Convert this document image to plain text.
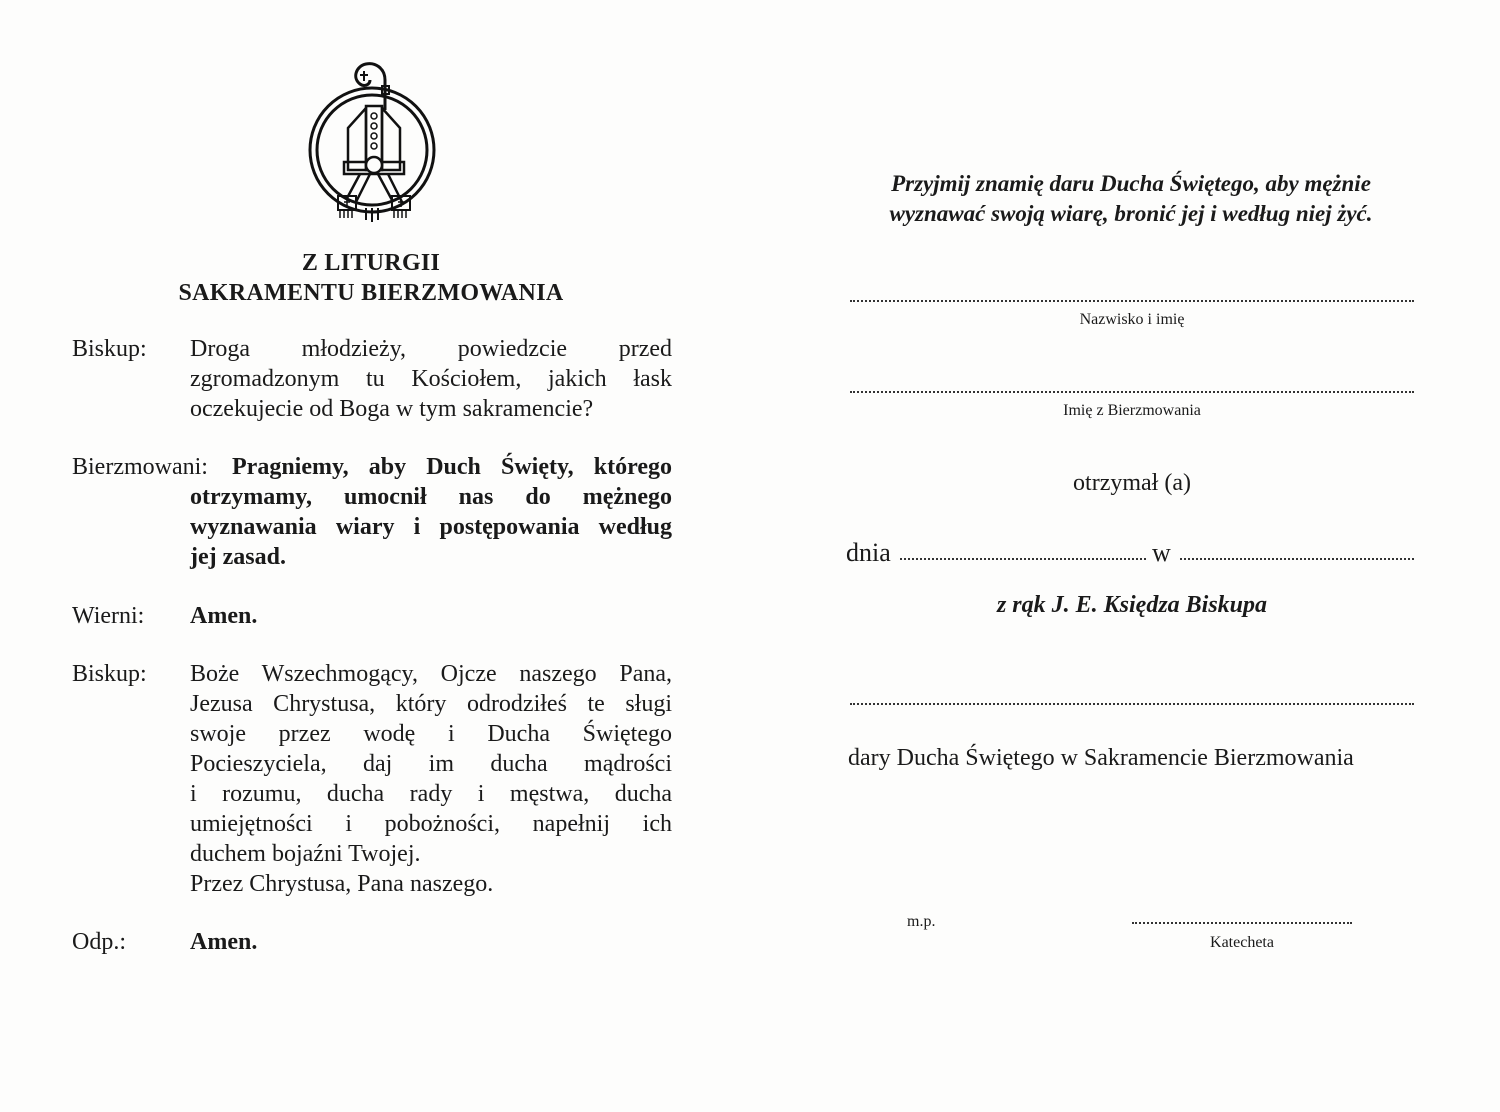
Z LITURGII
SAKRAMENTU BIERZMOWANIA
Biskup: Droga młodzieży, powiedzcie przed
zgromadzonym tu Kościołem, jakich łask
oczekujecie od Boga w tym sakramencie?
Bierzmowani: Pragniemy, aby Duch Święty, którego
otrzymamy, umocnił nas do mężnego
wyznawania wiary i postępowania według
jej zasad.
Wierni: Amen.
Biskup: Boże Wszechmogący, Ojcze naszego Pana,
Jezusa Chrystusa, który odrodziłeś te sługi
swoje przez wodę i Ducha Świętego
Pocieszyciela, daj im ducha mądrości
i rozumu, ducha rady i męstwa, ducha
umiejętności i pobożności, napełnij ich
duchem bojaźni Twojej.
Przez Chrystusa, Pana naszego.
Odp.:	Amen.
Przyjmij znamię daru Ducha Świętego, aby mężnie
wyznawać swoją wiarę, bronić jej i według niej żyć.
Nazwisko i imię
Imię z Bierzmowania
otrzymał (a)
dnia	w
z rąk J. E. Księdza Biskupa
dary Ducha Świętego w Sakramencie Bierzmowania
m.p.
Katecheta
